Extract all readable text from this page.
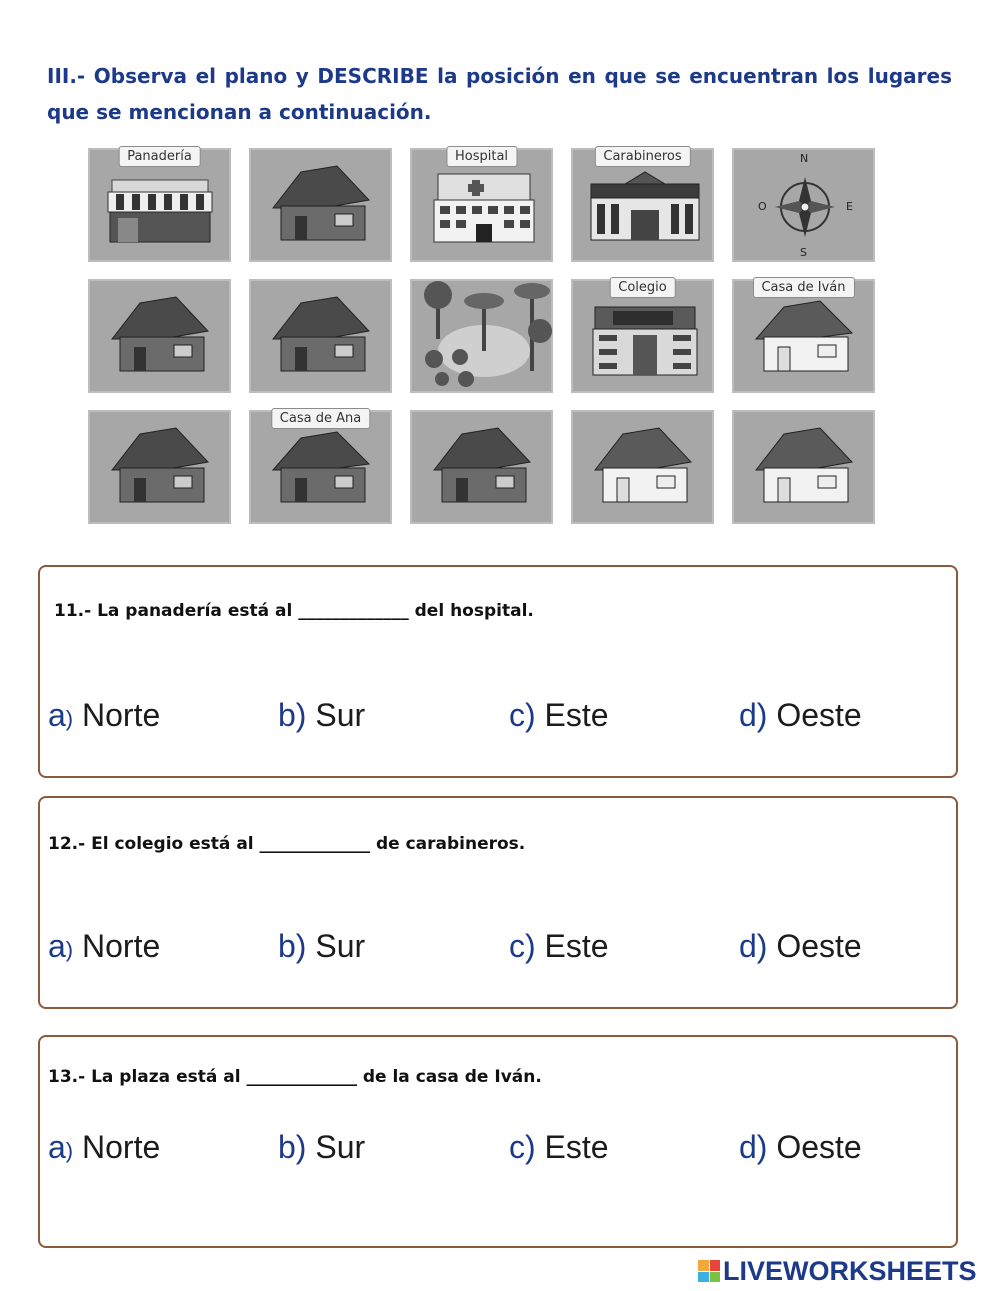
III.- Observa el plano y DESCRIBE la posición en que se encuentran los lugares que se mencionan a continuación.
Panadería	Hospital	Carabineros	N
S
O	E
Colegio	Casa de Iván
Casa de Ana
11.- La panadería está al _____________ del hospital.
a) Norte	b) Sur	c) Este	d) Oeste
12.- El colegio está al _____________ de carabineros.
a) Norte	b) Sur	c) Este	d) Oeste
13.- La plaza está al _____________ de la casa de Iván.
a) Norte	b) Sur	c) Este	d) Oeste
LIVEWORKSHEETS
